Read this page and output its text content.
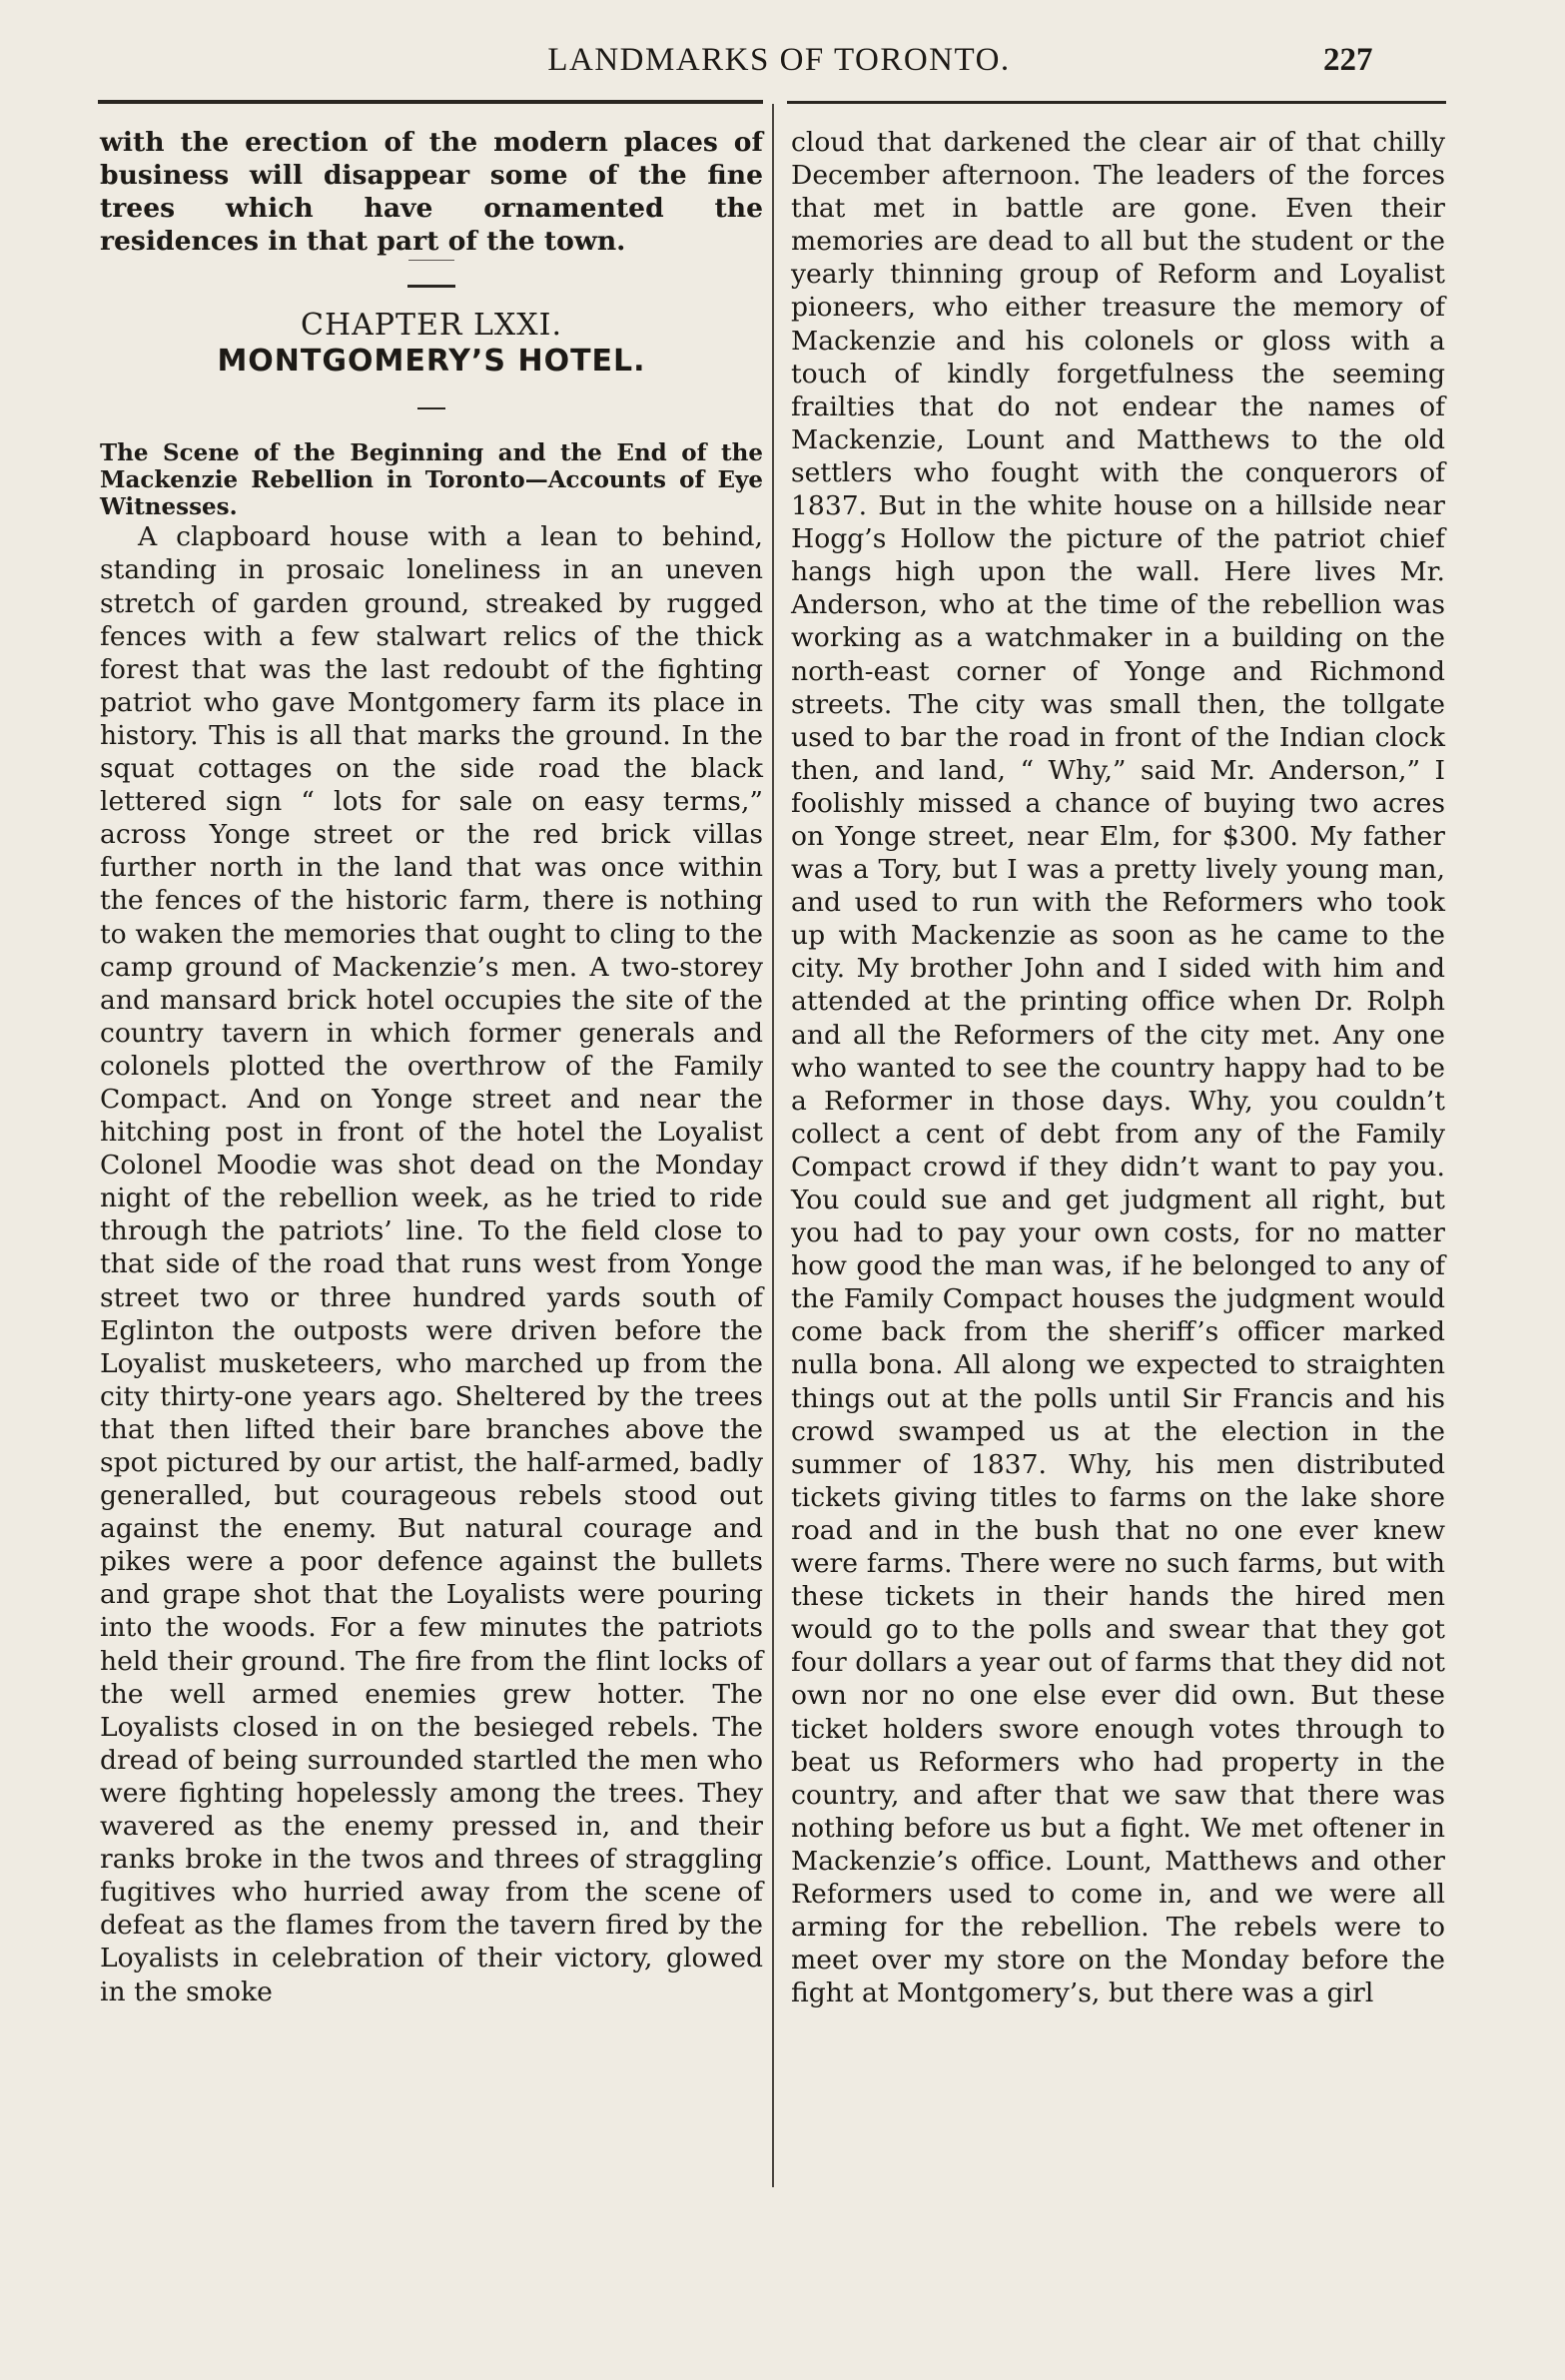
LANDMARKS OF TORONTO.	227

with the erection of the modern places of business will disappear some of the fine trees which have ornamented the residences in that part of the town.

CHAPTER LXXI.

MONTGOMERY’S HOTEL.

The Scene of the Beginning and the End of the Mackenzie Rebellion in Toronto—Accounts of Eye Witnesses.

A clapboard house with a lean to behind, standing in prosaic loneliness in an uneven stretch of garden ground, streaked by rugged fences with a few stalwart relics of the thick forest that was the last redoubt of the fighting patriot who gave Montgomery farm its place in history. This is all that marks the ground. In the squat cottages on the side road the black lettered sign “ lots for sale on easy terms,” across Yonge street or the red brick villas further north in the land that was once within the fences of the historic farm, there is nothing to waken the memories that ought to cling to the camp ground of Mackenzie’s men. A two-storey and mansard brick hotel occupies the site of the country tavern in which former generals and colonels plotted the overthrow of the Family Compact. And on Yonge street and near the hitching post in front of the hotel the Loyalist Colonel Moodie was shot dead on the Monday night of the rebellion week, as he tried to ride through the patriots’ line. To the field close to that side of the road that runs west from Yonge street two or three hundred yards south of Eglinton the outposts were driven before the Loyalist musketeers, who marched up from the city thirty-one years ago. Sheltered by the trees that then lifted their bare branches above the spot pictured by our artist, the half-armed, badly generalled, but courageous rebels stood out against the enemy. But natural courage and pikes were a poor defence against the bullets and grape shot that the Loyalists were pouring into the woods. For a few minutes the patriots held their ground. The fire from the flint locks of the well armed enemies grew hotter. The Loyalists closed in on the besieged rebels. The dread of being surrounded startled the men who were fighting hopelessly among the trees. They wavered as the enemy pressed in, and their ranks broke in the twos and threes of straggling fugitives who hurried away from the scene of defeat as the flames from the tavern fired by the Loyalists in celebration of their victory, glowed in the smoke

cloud that darkened the clear air of that chilly December afternoon. The leaders of the forces that met in battle are gone. Even their memories are dead to all but the student or the yearly thinning group of Reform and Loyalist pioneers, who either treasure the memory of Mackenzie and his colonels or gloss with a touch of kindly forgetfulness the seeming frailties that do not endear the names of Mackenzie, Lount and Matthews to the old settlers who fought with the conquerors of 1837. But in the white house on a hillside near Hogg’s Hollow the picture of the patriot chief hangs high upon the wall. Here lives Mr. Anderson, who at the time of the rebellion was working as a watchmaker in a building on the north-east corner of Yonge and Richmond streets. The city was small then, the tollgate used to bar the road in front of the Indian clock then, and land, “ Why,” said Mr. Anderson,” I foolishly missed a chance of buying two acres on Yonge street, near Elm, for $300. My father was a Tory, but I was a pretty lively young man, and used to run with the Reformers who took up with Mackenzie as soon as he came to the city. My brother John and I sided with him and attended at the printing office when Dr. Rolph and all the Reformers of the city met. Any one who wanted to see the country happy had to be a Reformer in those days. Why, you couldn’t collect a cent of debt from any of the Family Compact crowd if they didn’t want to pay you. You could sue and get judgment all right, but you had to pay your own costs, for no matter how good the man was, if he belonged to any of the Family Compact houses the judgment would come back from the sheriff’s officer marked nulla bona. All along we expected to straighten things out at the polls until Sir Francis and his crowd swamped us at the election in the summer of 1837. Why, his men distributed tickets giving titles to farms on the lake shore road and in the bush that no one ever knew were farms. There were no such farms, but with these tickets in their hands the hired men would go to the polls and swear that they got four dollars a year out of farms that they did not own nor no one else ever did own. But these ticket holders swore enough votes through to beat us Reformers who had property in the country, and after that we saw that there was nothing before us but a fight. We met oftener in Mackenzie’s office. Lount, Matthews and other Reformers used to come in, and we were all arming for the rebellion. The rebels were to meet over my store on the Monday before the fight at Montgomery’s, but there was a girl
